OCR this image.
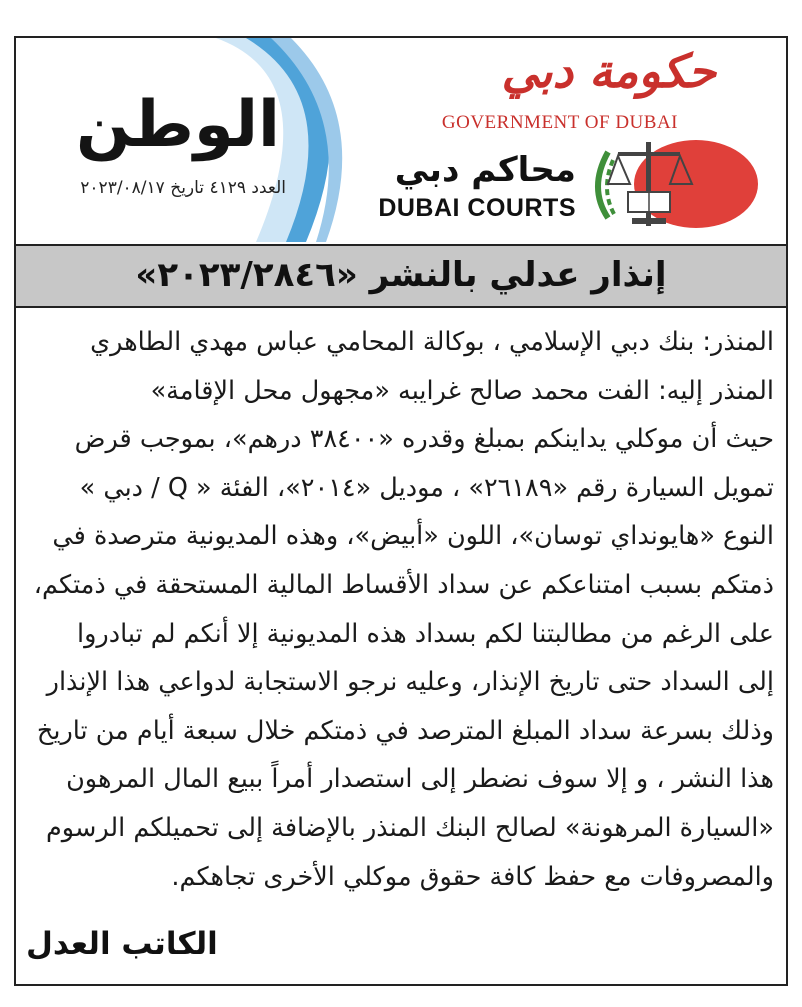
حكومة دبي
GOVERNMENT OF DUBAI
محاكم دبي
DUBAI COURTS
الوطن
العدد ٤١٢٩ تاريخ ٢٠٢٣/٠٨/١٧
إنذار عدلي بالنشر «٢٠٢٣/٢٨٤٦»

المنذر: بنك دبي الإسلامي ، بوكالة المحامي عباس مهدي الطاهري

المنذر إليه: الفت محمد صالح غرايبه «مجهول محل الإقامة»

حيث أن موكلي يداينكم بمبلغ وقدره «٣٨٤٠٠ درهم»، بموجب قرض

تمويل السيارة رقم «٢٦١٨٩» ، موديل «٢٠١٤»، الفئة « Q / دبي »

النوع «هايونداي توسان»، اللون «أبيض»، وهذه المديونية مترصدة في

ذمتكم بسبب امتناعكم عن سداد الأقساط المالية المستحقة في ذمتكم،

على الرغم من مطالبتنا لكم بسداد هذه المديونية إلا أنكم لم تبادروا

إلى السداد حتى تاريخ الإنذار، وعليه نرجو الاستجابة لدواعي هذا الإنذار

وذلك بسرعة سداد المبلغ المترصد في ذمتكم خلال سبعة أيام من تاريخ

هذا النشر ، و إلا سوف نضطر إلى استصدار أمراً ببيع المال المرهون

«السيارة المرهونة» لصالح البنك المنذر بالإضافة إلى تحميلكم الرسوم

والمصروفات مع حفظ كافة حقوق موكلي الأخرى تجاهكم.

الكاتب العدل
